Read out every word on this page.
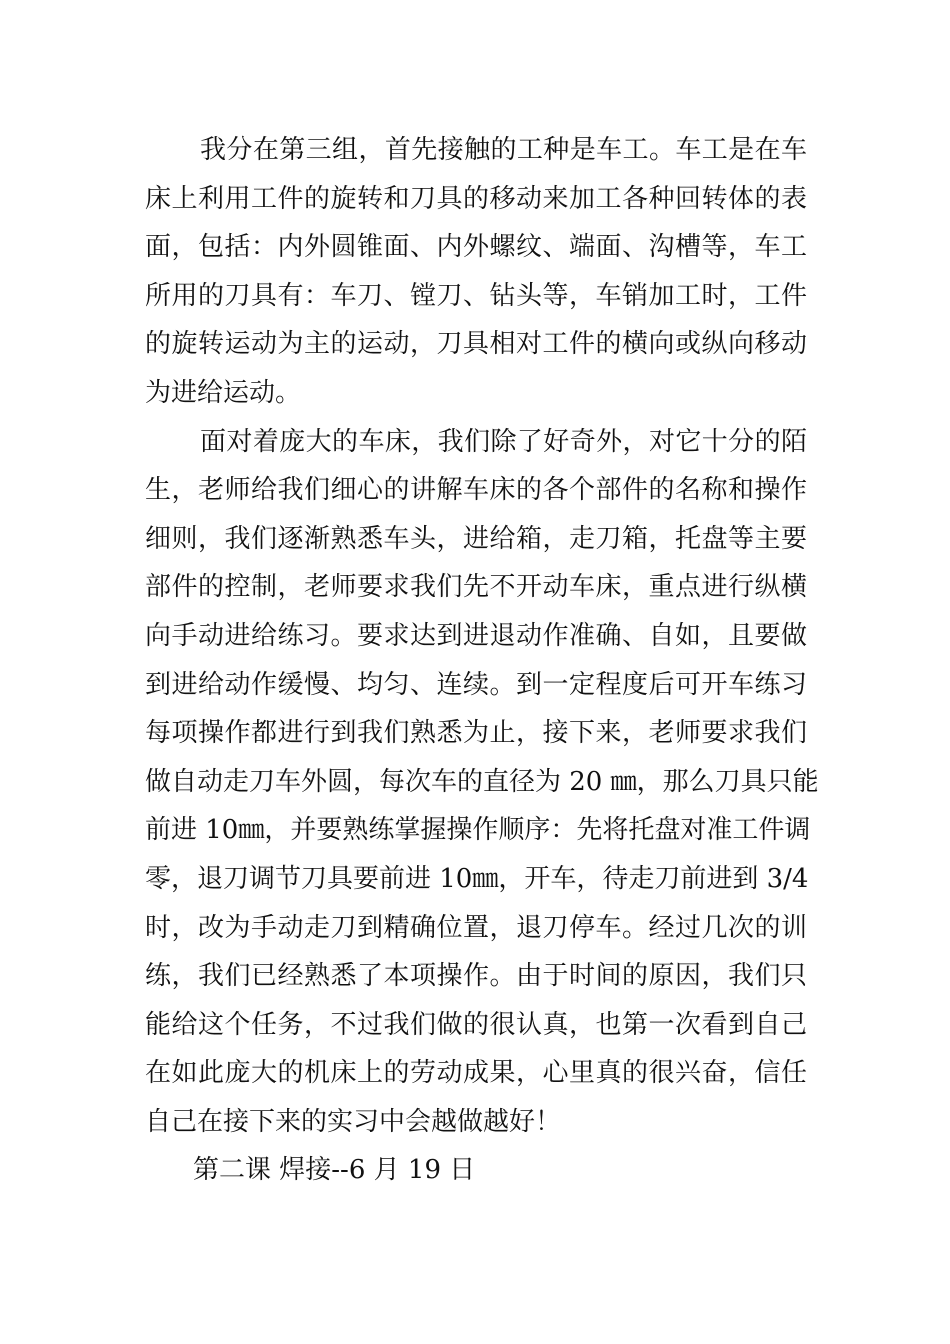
我分在第三组，首先接触的工种是车工。车工是在车
床上利用工件的旋转和刀具的移动来加工各种回转体的表
面，包括：内外圆锥面、内外螺纹、端面、沟槽等，车工
所用的刀具有：车刀、镗刀、钻头等，车销加工时，工件
的旋转运动为主的运动，刀具相对工件的横向或纵向移动
为进给运动。
面对着庞大的车床，我们除了好奇外，对它十分的陌
生，老师给我们细心的讲解车床的各个部件的名称和操作
细则，我们逐渐熟悉车头，进给箱，走刀箱，托盘等主要
部件的控制，老师要求我们先不开动车床，重点进行纵横
向手动进给练习。要求达到进退动作准确、自如，且要做
到进给动作缓慢、均匀、连续。到一定程度后可开车练习
每项操作都进行到我们熟悉为止，接下来，老师要求我们
做自动走刀车外圆，每次车的直径为 20 ㎜，那么刀具只能
前进 10㎜，并要熟练掌握操作顺序：先将托盘对准工件调
零，退刀调节刀具要前进 10㎜，开车，待走刀前进到 3/4
时，改为手动走刀到精确位置，退刀停车。经过几次的训
练，我们已经熟悉了本项操作。由于时间的原因，我们只
能给这个任务，不过我们做的很认真，也第一次看到自己
在如此庞大的机床上的劳动成果，心里真的很兴奋，信任
自己在接下来的实习中会越做越好！
第二课 焊接--6 月 19 日
